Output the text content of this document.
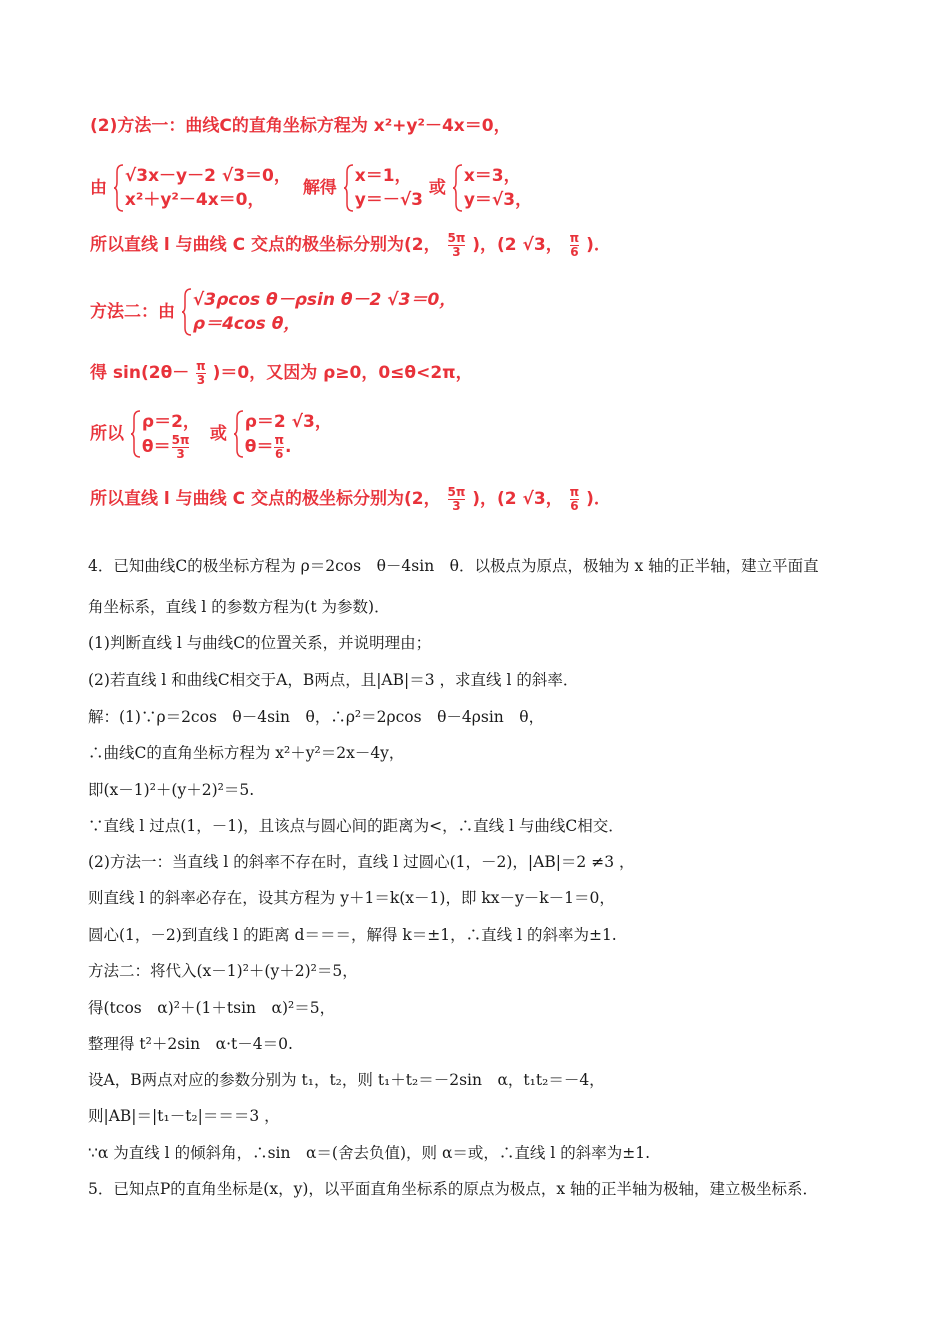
(2)方法一：曲线C的直角坐标方程为 x²+y²－4x＝0，
由
√3x－y－2 √3＝0，
x²＋y²－4x＝0，
解得
x＝1，
y＝－√3
或
x＝3，
y＝√3，
所以直线 l 与曲线 C 交点的极坐标分别为(2， $\frac{5\pi}{3}$ )，(2 √3， $\frac{\pi}{6}$ )．
方法二：由
√3ρcos θ－ρsin θ－2 √3＝0，
ρ＝4cos θ，
得 $\sin(2\theta- \frac{\pi}{3} )=0$，又因为 ρ≥0，0≤θ<2π，
所以
ρ＝2，
$\theta= \frac{5\pi}{3}$
或
ρ＝2 √3，
$\theta= \frac{\pi}{6}$ .
所以直线 l 与曲线 C 交点的极坐标分别为(2， $\frac{5\pi}{3}$ )，(2 √3， $\frac{\pi}{6}$ )．
4．已知曲线C的极坐标方程为 ρ＝2cos　θ－4sin　θ．以极点为原点，极轴为 x 轴的正半轴，建立平面直
角坐标系，直线 l 的参数方程为(t 为参数)．
(1)判断直线 l 与曲线C的位置关系，并说明理由；
(2)若直线 l 和曲线C相交于A，B两点，且|AB|＝3 ，求直线 l 的斜率．
解：(1)∵ρ＝2cos　θ－4sin　θ，∴ρ²＝2ρcos　θ－4ρsin　θ，
∴曲线C的直角坐标方程为 x²＋y²＝2x－4y，
即(x－1)²＋(y＋2)²＝5.
∵直线 l 过点(1，－1)，且该点与圆心间的距离为<，∴直线 l 与曲线C相交．
(2)方法一：当直线 l 的斜率不存在时，直线 l 过圆心(1，－2)，|AB|＝2 ≠3 ，
则直线 l 的斜率必存在，设其方程为 y＋1＝k(x－1)，即 kx－y－k－1＝0，
圆心(1，－2)到直线 l 的距离 d＝＝＝，解得 k＝±1，∴直线 l 的斜率为±1.
方法二：将代入(x－1)²＋(y＋2)²＝5，
得(tcos　α)²＋(1＋tsin　α)²＝5，
整理得 t²＋2sin　α·t－4＝0.
设A，B两点对应的参数分别为 t₁，t₂，则 t₁＋t₂＝－2sin　α，t₁t₂＝－4，
则|AB|＝|t₁－t₂|＝＝＝3 ，
∵α 为直线 l 的倾斜角，∴sin　α＝(舍去负值)，则 α＝或，∴直线 l 的斜率为±1.
5．已知点P的直角坐标是(x，y)，以平面直角坐标系的原点为极点，x 轴的正半轴为极轴，建立极坐标系．
